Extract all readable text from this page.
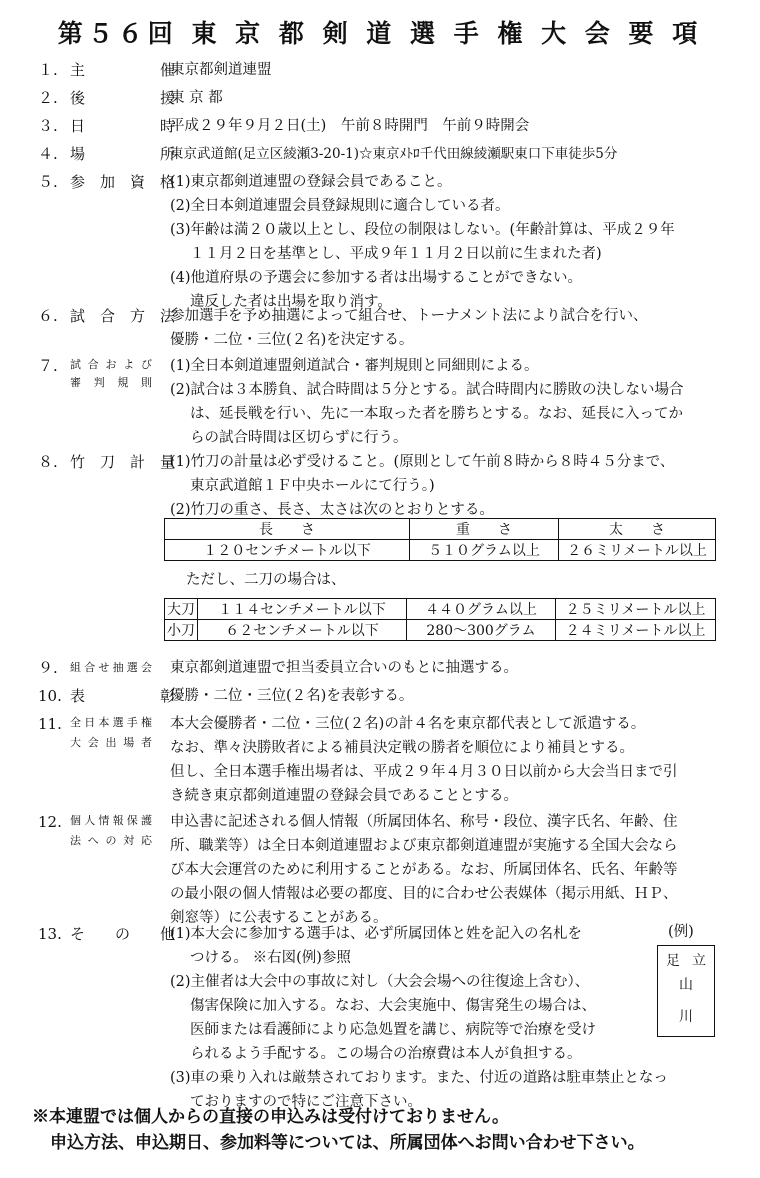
第５６回 東 京 都 剣 道 選 手 権 大 会 要 項
１. 主　　催
東京都剣道連盟
２. 後　　援
東 京 都
３. 日　　時
平成２９年９月２日(土)　午前８時開門　午前９時開会
４. 場　　所
東京武道館(足立区綾瀬3-20-1)☆東京ﾒﾄﾛ千代田線綾瀬駅東口下車徒歩5分
５. 参加資格
(1)東京都剣道連盟の登録会員であること。
(2)全日本剣道連盟会員登録規則に適合している者。
(3)年齢は満２０歳以上とし、段位の制限はしない。(年齢計算は、平成２９年
１１月２日を基準とし、平成９年１１月２日以前に生まれた者)
(4)他道府県の予選会に参加する者は出場することができない。
違反した者は出場を取り消す。
６. 試合方法
参加選手を予め抽選によって組合せ、トーナメント法により試合を行い、
優勝・二位・三位(２名)を決定する。
７. 試合および
審判規則
(1)全日本剣道連盟剣道試合・審判規則と同細則による。
(2)試合は３本勝負、試合時間は５分とする。試合時間内に勝敗の決しない場合
は、延長戦を行い、先に一本取った者を勝ちとする。なお、延長に入ってか
らの試合時間は区切らずに行う。
８. 竹刀計量
(1)竹刀の計量は必ず受けること。(原則として午前８時から８時４５分まで、
東京武道館１Ｆ中央ホールにて行う。)
(2)竹刀の重さ、長さ、太さは次のとおりとする。
長　　さ	重　　さ	太　　さ
１２０センチメートル以下	５１０グラム以上	２６ミリメートル以上
ただし、二刀の場合は、
大刀	１１４センチメートル以下	４４０グラム以上	２５ミリメートル以上
小刀	６２センチメートル以下	280～300グラム	２４ミリメートル以上
９. 組合せ抽選会 東京都剣道連盟で担当委員立合いのもとに抽選する。
10. 表　　彰
優勝・二位・三位(２名)を表彰する。
11. 全日本選手権
大会出場者
本大会優勝者・二位・三位(２名)の計４名を東京都代表として派遣する。
なお、準々決勝敗者による補員決定戦の勝者を順位により補員とする。
但し、全日本選手権出場者は、平成２９年４月３０日以前から大会当日まで引
き続き東京都剣道連盟の登録会員であることとする。
12. 個人情報保護
法への対応
申込書に記述される個人情報（所属団体名、称号・段位、漢字氏名、年齢、住
所、職業等）は全日本剣道連盟および東京都剣道連盟が実施する全国大会なら
び本大会運営のために利用することがある。なお、所属団体名、氏名、年齢等
の最小限の個人情報は必要の都度、目的に合わせ公表媒体（掲示用紙、ＨＰ、
剣窓等）に公表することがある。
13. そ　の　他
(1)本大会に参加する選手は、必ず所属団体と姓を記入の名札を
つける。 ※右図(例)参照
(2)主催者は大会中の事故に対し（大会会場への往復途上含む）、
傷害保険に加入する。なお、大会実施中、傷害発生の場合は、
医師または看護師により応急処置を講じ、病院等で治療を受け
られるよう手配する。この場合の治療費は本人が負担する。
(3)車の乗り入れは厳禁されております。また、付近の道路は駐車禁止となっ
ておりますので特にご注意下さい。
(例)
足 立
山
川
※本連盟では個人からの直接の申込みは受付けておりません。
申込方法、申込期日、参加料等については、所属団体へお問い合わせ下さい。
